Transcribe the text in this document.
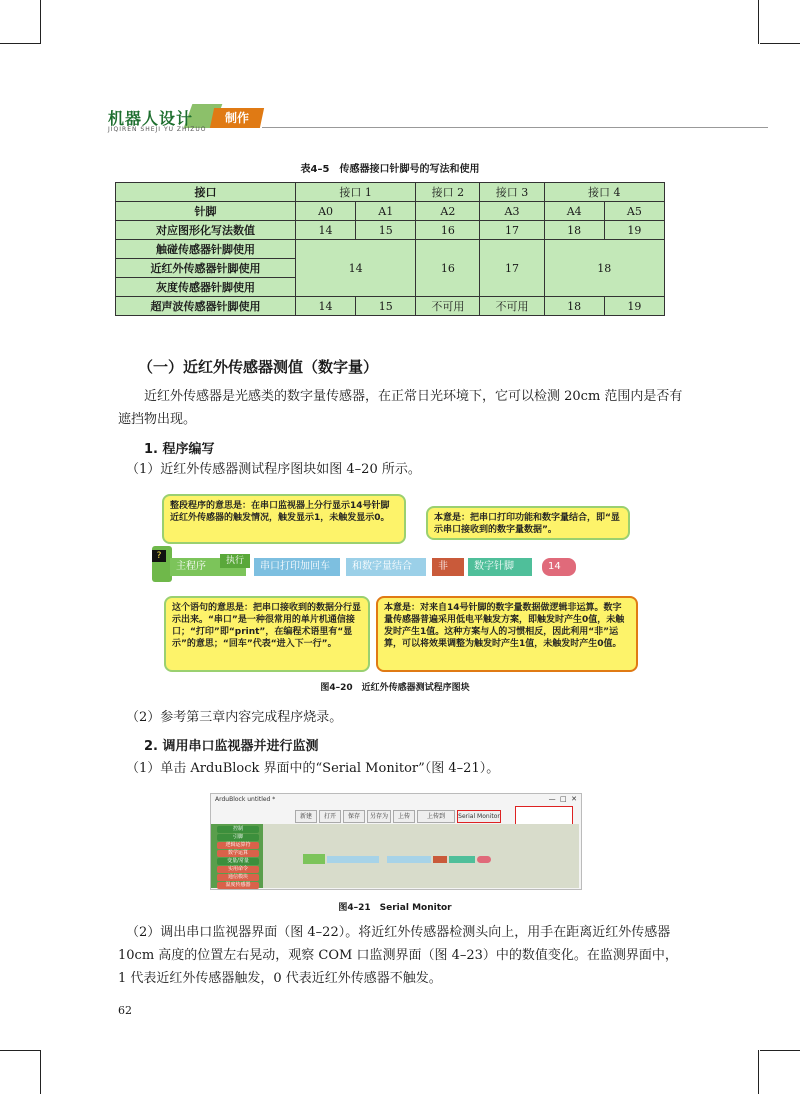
机器人设计
JIQIREN SHEJI YU ZHIZUO
制作
表4–5　传感器接口针脚号的写法和使用
接口	接口 1		接口 2	接口 3	接口 4	
针脚	A0	A1	A2	A3	A4	A5
对应图形化写法数值	14	15	16	17	18	19
触碰传感器针脚使用	14		16	17	18	
近红外传感器针脚使用						
灰度传感器针脚使用						
超声波传感器针脚使用	14	15	不可用	不可用	18	19
（一）近红外传感器测值（数字量）
近红外传感器是光感类的数字量传感器，在正常日光环境下，它可以检测 20cm 范围内是否有遮挡物出现。
1. 程序编写
（1）近红外传感器测试程序图块如图 4–20 所示。
整段程序的意思是：在串口监视器上分行显示14号针脚近红外传感器的触发情况，触发显示1，未触发显示0。	本意是：把串口打印功能和数字量结合，即“显示串口接收到的数字量数据”。
?
主程序	执行	串口打印加回车	和数字量结合	非	数字针脚	14
这个语句的意思是：把串口接收到的数据分行显示出来。“串口”是一种很常用的单片机通信接口；“打印”即“print”，在编程术语里有“显示”的意思；“回车”代表“进入下一行”。
本意是：对来自14号针脚的数字量数据做逻辑非运算。数字量传感器普遍采用低电平触发方案，即触发时产生0值，未触发时产生1值。这种方案与人的习惯相反，因此利用“非”运算，可以将效果调整为触发时产生1值，未触发时产生0值。
图4–20　近红外传感器测试程序图块
（2）参考第三章内容完成程序烧录。
2. 调用串口监视器并进行监测
（1）单击 ArduBlock 界面中的“Serial Monitor”（图 4–21）。
ArduBlock untitled *	—  □  ✕
新建	打开	保存	另存为	上传	上传到	Serial Monitor
控制
引脚
逻辑运算符
数学运算
变量/常量
实用命令
通信模块
温度传感器
图4–21　Serial Monitor
（2）调出串口监视器界面（图 4–22）。将近红外传感器检测头向上，用手在距离近红外传感器 10cm 高度的位置左右晃动，观察 COM 口监测界面（图 4–23）中的数值变化。在监测界面中，1 代表近红外传感器触发，0 代表近红外传感器不触发。
62
